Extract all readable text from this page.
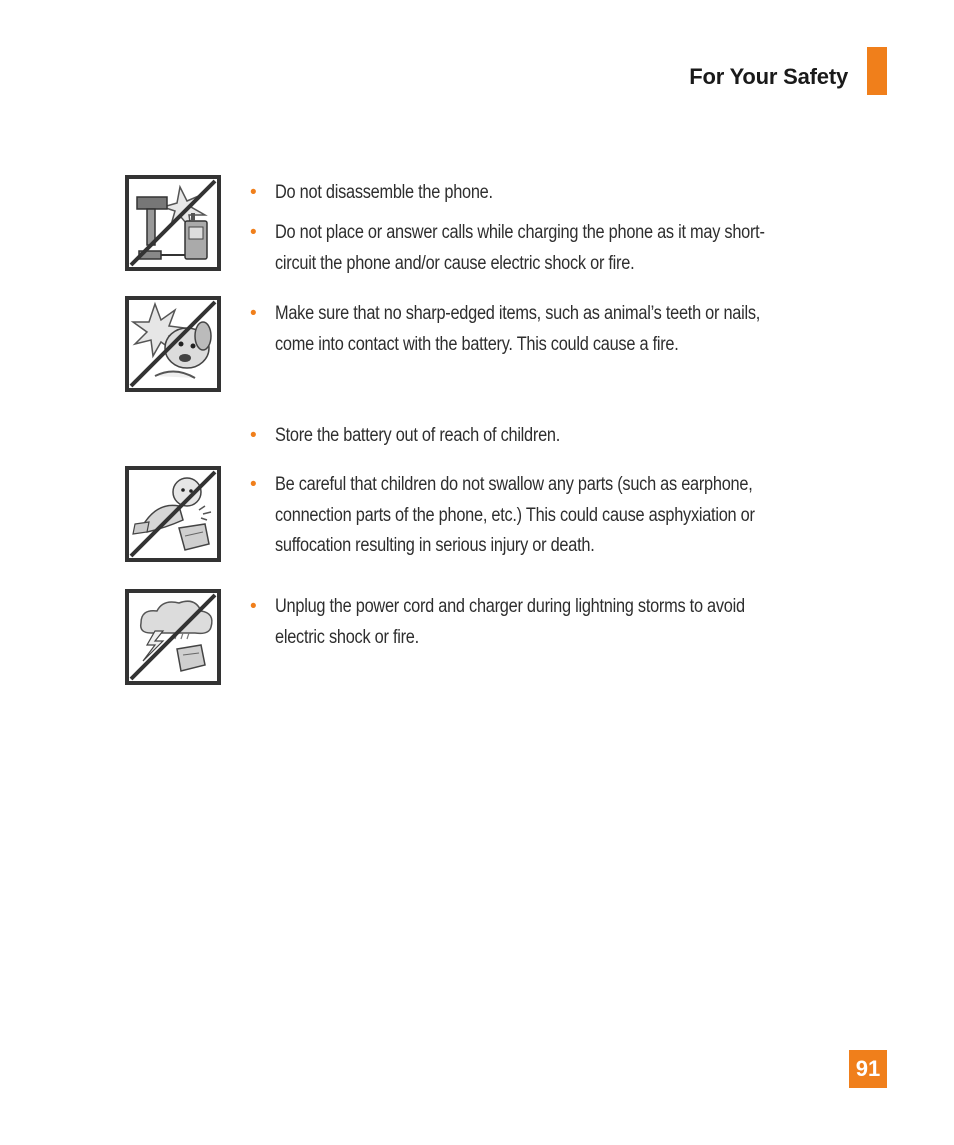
For Your Safety
• Do not disassemble the phone.
• Do not place or answer calls while charging the phone as it may short-
circuit the phone and/or cause electric shock or fire.
• Make sure that no sharp-edged items, such as animal’s teeth or nails,
come into contact with the battery. This could cause a fire.
• Store the battery out of reach of children.
• Be careful that children do not swallow any parts (such as earphone,
connection parts of the phone, etc.) This could cause asphyxiation or
suffocation resulting in serious injury or death.
• Unplug the power cord and charger during lightning storms to avoid
electric shock or fire.
91
